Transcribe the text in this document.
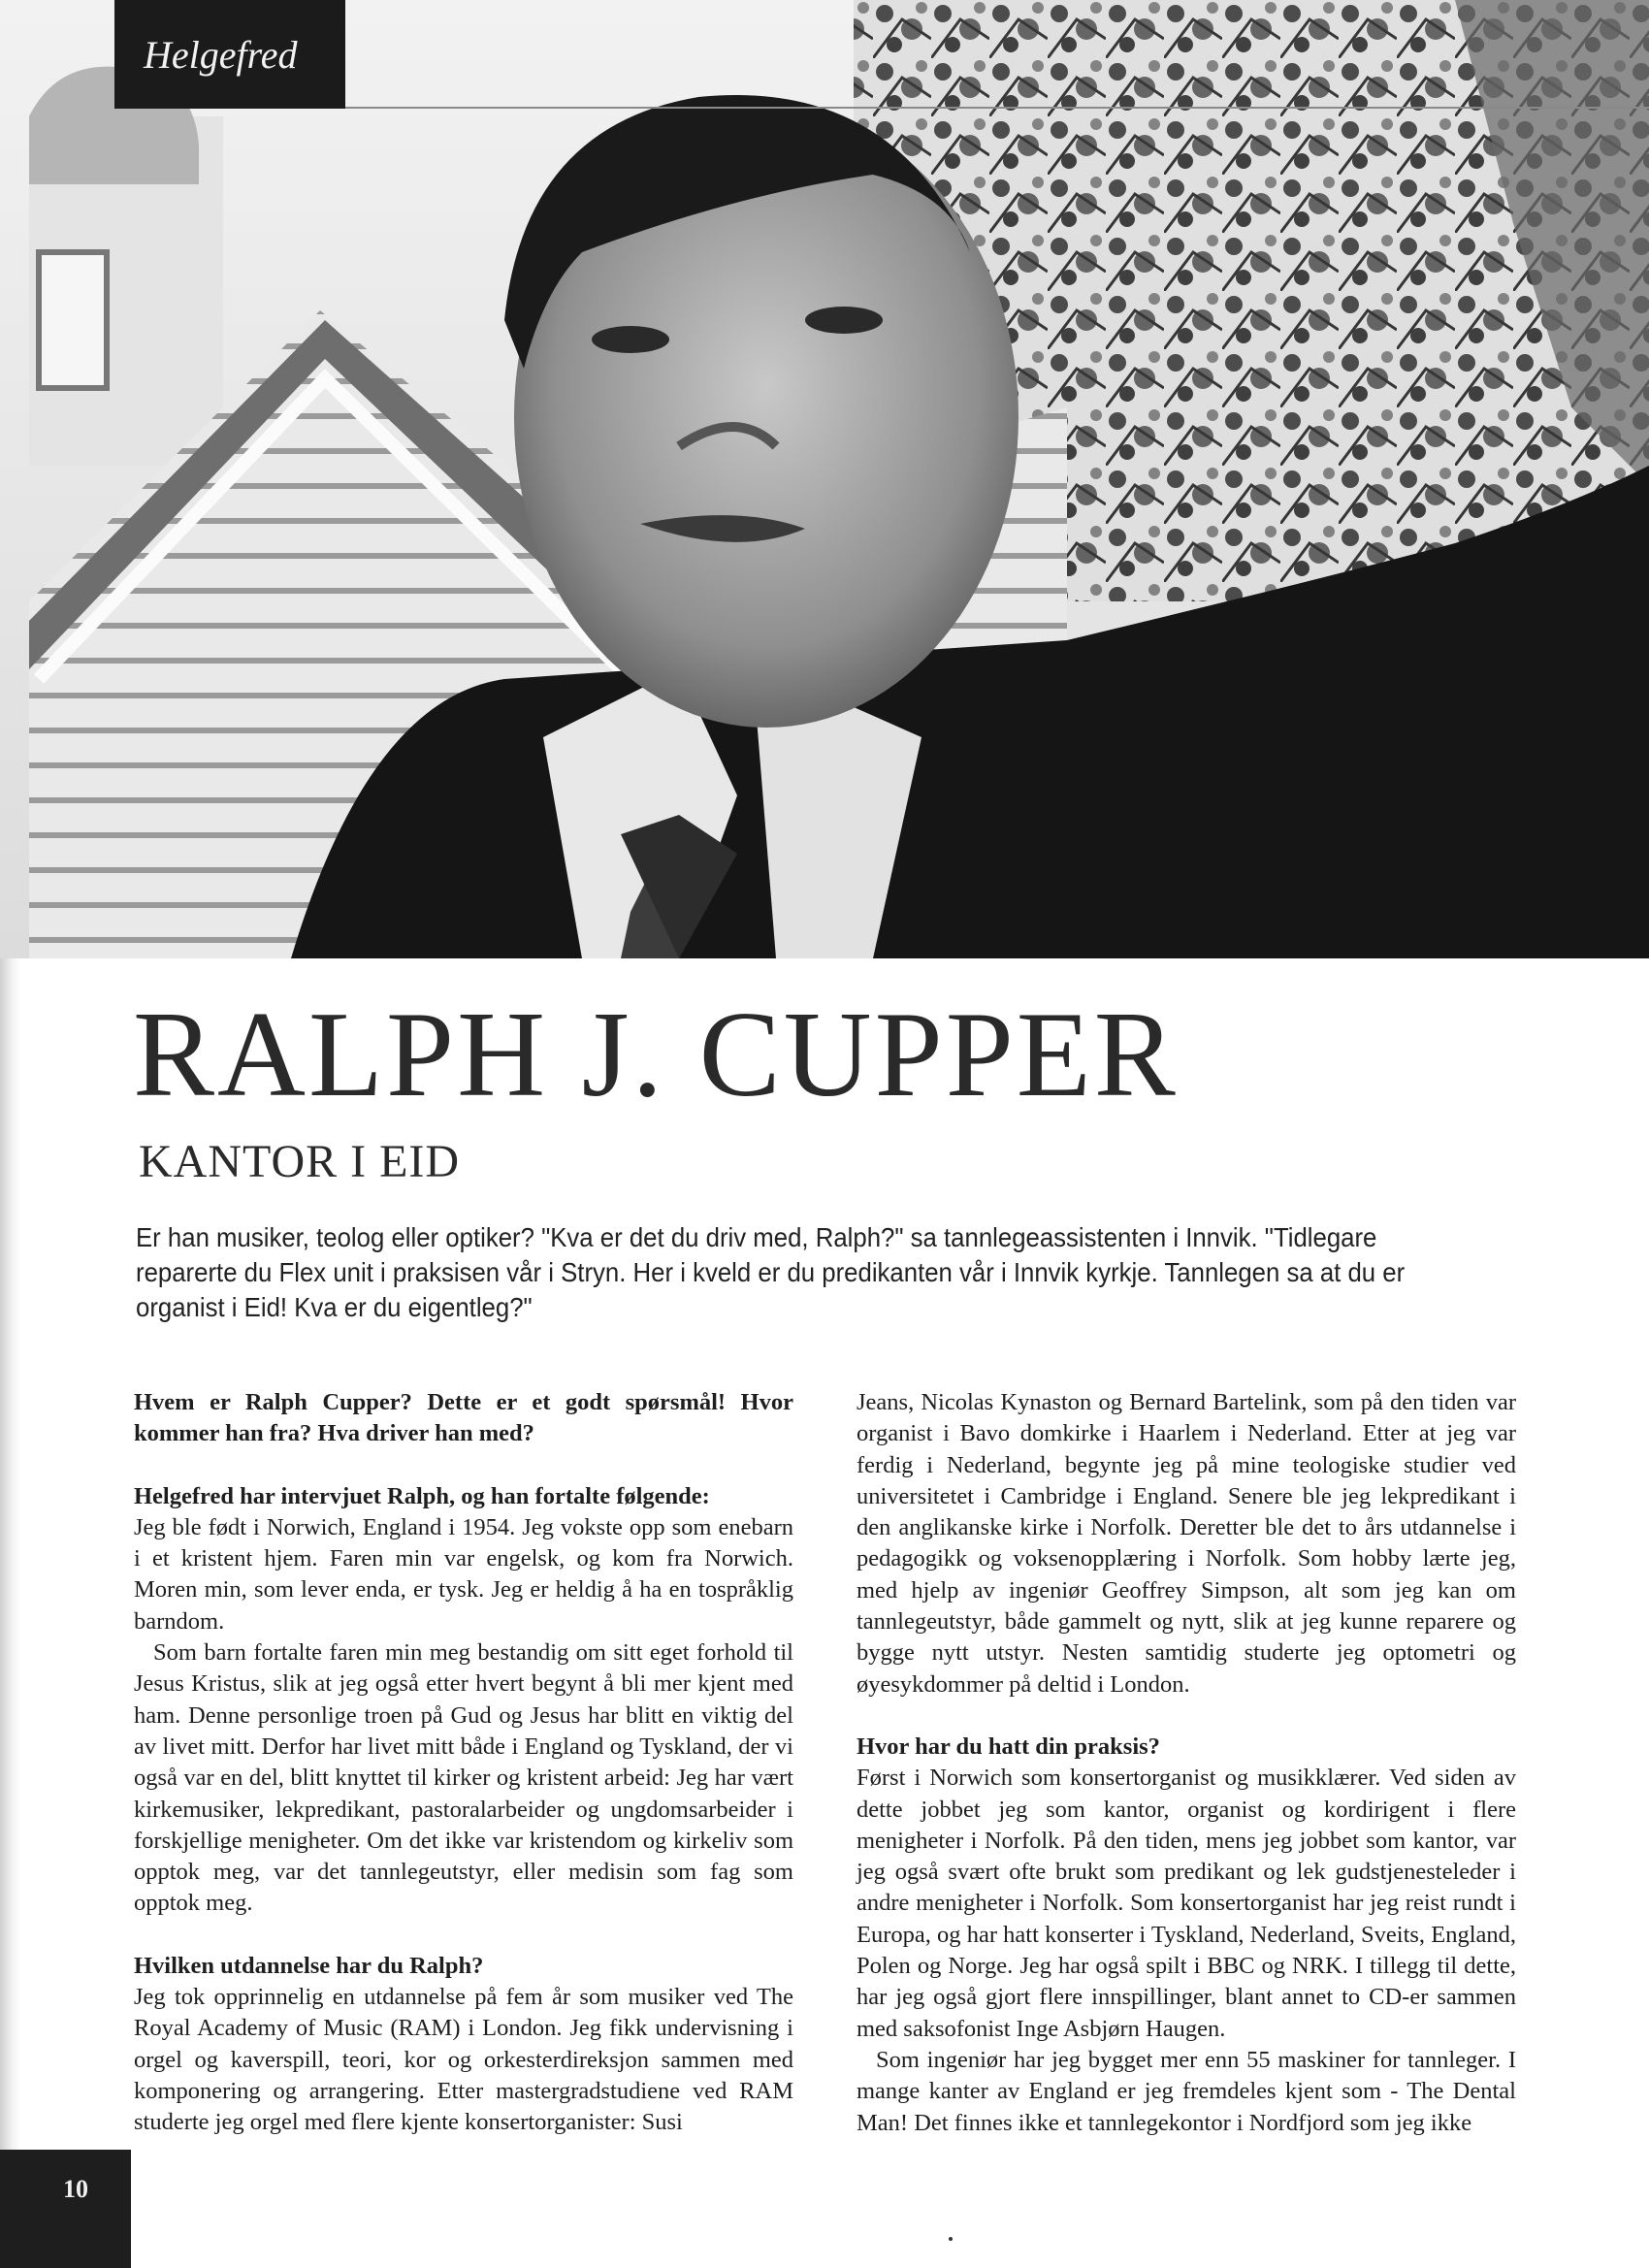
Helgefred
RALPH J. CUPPER
KANTOR I EID
Er han musiker, teolog eller optiker? "Kva er det du driv med, Ralph?" sa tannlegeassistenten i Innvik. "Tidlegare reparerte du Flex unit i praksisen vår i Stryn. Her i kveld er du predikanten vår i Innvik kyrkje. Tannlegen sa at du er organist i Eid! Kva er du eigentleg?"

Hvem er Ralph Cupper? Dette er et godt spørsmål! Hvor kommer han fra? Hva driver han med?

Helgefred har intervjuet Ralph, og han fortalte følgende:

Jeg ble født i Norwich, England i 1954. Jeg vokste opp som enebarn i et kristent hjem. Faren min var engelsk, og kom fra Norwich. Moren min, som lever enda, er tysk. Jeg er heldig å ha en tospråklig barndom.

Som barn fortalte faren min meg bestandig om sitt eget forhold til Jesus Kristus, slik at jeg også etter hvert begynt å bli mer kjent med ham. Denne personlige troen på Gud og Jesus har blitt en viktig del av livet mitt. Derfor har livet mitt både i England og Tyskland, der vi også var en del, blitt knyttet til kirker og kristent arbeid: Jeg har vært kirkemusiker, lekpredikant, pastoralarbeider og ungdomsarbeider i forskjellige menigheter. Om det ikke var kristendom og kirkeliv som opptok meg, var det tannlegeutstyr, eller medisin som fag som opptok meg.

Hvilken utdannelse har du Ralph?

Jeg tok opprinnelig en utdannelse på fem år som musiker ved The Royal Academy of Music (RAM) i London. Jeg fikk undervisning i orgel og kaverspill, teori, kor og orkesterdireksjon sammen med komponering og arrangering. Etter mastergradstudiene ved RAM studerte jeg orgel med flere kjente konsertorganister: Susi

Jeans, Nicolas Kynaston og Bernard Bartelink, som på den tiden var organist i Bavo domkirke i Haarlem i Nederland. Etter at jeg var ferdig i Nederland, begynte jeg på mine teologiske studier ved universitetet i Cambridge i England. Senere ble jeg lekpredikant i den anglikanske kirke i Norfolk. Deretter ble det to års utdannelse i pedagogikk og voksenopplæring i Norfolk. Som hobby lærte jeg, med hjelp av ingeniør Geoffrey Simpson, alt som jeg kan om tannlegeutstyr, både gammelt og nytt, slik at jeg kunne reparere og bygge nytt utstyr. Nesten samtidig studerte jeg optometri og øyesykdommer på deltid i London.

Hvor har du hatt din praksis?

Først i Norwich som konsertorganist og musikklærer. Ved siden av dette jobbet jeg som kantor, organist og kordirigent i flere menigheter i Norfolk. På den tiden, mens jeg jobbet som kantor, var jeg også svært ofte brukt som predikant og lek gudstjenesteleder i andre menigheter i Norfolk. Som konsertorganist har jeg reist rundt i Europa, og har hatt konserter i Tyskland, Nederland, Sveits, England, Polen og Norge. Jeg har også spilt i BBC og NRK. I tillegg til dette, har jeg også gjort flere innspillinger, blant annet to CD-er sammen med saksofonist Inge Asbjørn Haugen.

Som ingeniør har jeg bygget mer enn 55 maskiner for tannleger. I mange kanter av England er jeg fremdeles kjent som - The Dental Man! Det finnes ikke et tannlegekontor i Nordfjord som jeg ikke

10
